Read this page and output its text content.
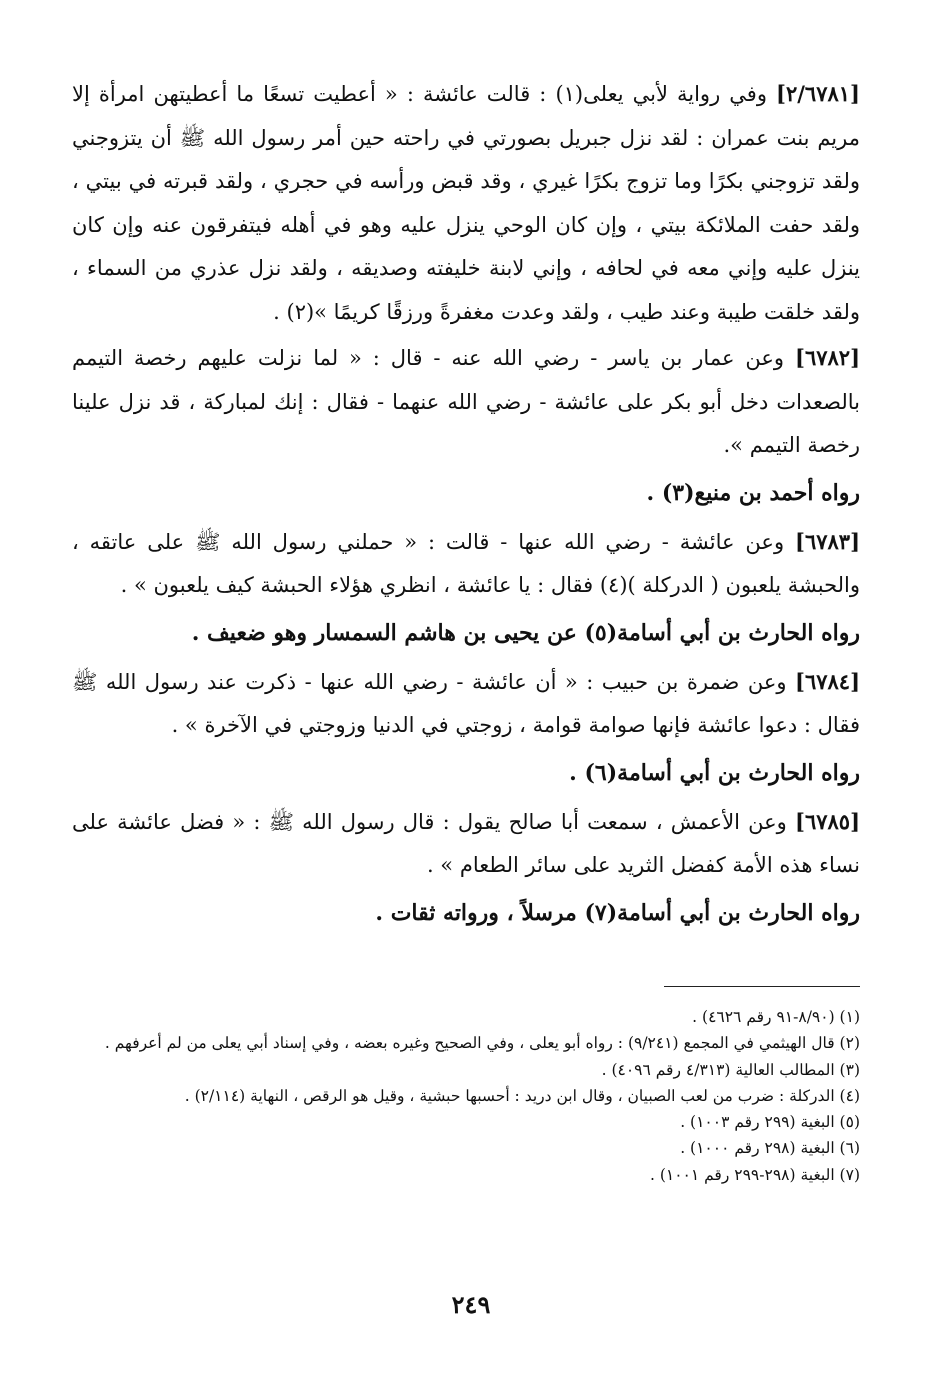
[٢/٦٧٨١] وفي رواية لأبي يعلى(١) : قالت عائشة : « أعطيت تسعًا ما أعطيتهن امرأة إلا مريم بنت عمران : لقد نزل جبريل بصورتي في راحته حين أمر رسول الله ﷺ أن يتزوجني ولقد تزوجني بكرًا وما تزوج بكرًا غيري ، وقد قبض ورأسه في حجري ، ولقد قبرته في بيتي ، ولقد حفت الملائكة بيتي ، وإن كان الوحي ينزل عليه وهو في أهله فيتفرقون عنه وإن كان ينزل عليه وإني معه في لحافه ، وإني لابنة خليفته وصديقه ، ولقد نزل عذري من السماء ، ولقد خلقت طيبة وعند طيب ، ولقد وعدت مغفرةً ورزقًا كريمًا »(٢) .

[٦٧٨٢] وعن عمار بن ياسر - رضي الله عنه - قال : « لما نزلت عليهم رخصة التيمم بالصعدات دخل أبو بكر على عائشة - رضي الله عنهما - فقال : إنك لمباركة ، قد نزل علينا رخصة التيمم ».

رواه أحمد بن منيع(٣) .

[٦٧٨٣] وعن عائشة - رضي الله عنها - قالت : « حملني رسول الله ﷺ على عاتقه ، والحبشة يلعبون ( الدركلة )(٤) فقال : يا عائشة ، انظري هؤلاء الحبشة كيف يلعبون » .

رواه الحارث بن أبي أسامة(٥) عن يحيى بن هاشم السمسار وهو ضعيف .

[٦٧٨٤] وعن ضمرة بن حبيب : « أن عائشة - رضي الله عنها - ذكرت عند رسول الله ﷺ فقال : دعوا عائشة فإنها صوامة قوامة ، زوجتي في الدنيا وزوجتي في الآخرة » .

رواه الحارث بن أبي أسامة(٦) .

[٦٧٨٥] وعن الأعمش ، سمعت أبا صالح يقول : قال رسول الله ﷺ : « فضل عائشة على نساء هذه الأمة كفضل الثريد على سائر الطعام » .

رواه الحارث بن أبي أسامة(٧) مرسلاً ، ورواته ثقات .

(١) (٨/٩٠-٩١ رقم ٤٦٢٦) .

(٢) قال الهيثمي في المجمع (٩/٢٤١) : رواه أبو يعلى ، وفي الصحيح وغيره بعضه ، وفي إسناد أبي يعلى من لم أعرفهم .

(٣) المطالب العالية (٤/٣١٣ رقم ٤٠٩٦) .

(٤) الدركلة : ضرب من لعب الصبيان ، وقال ابن دريد : أحسبها حبشية ، وقيل هو الرقص ، النهاية (٢/١١٤) .

(٥) البغية (٢٩٩ رقم ١٠٠٣) .

(٦) البغية (٢٩٨ رقم ١٠٠٠) .

(٧) البغية (٢٩٨-٢٩٩ رقم ١٠٠١) .

٢٤٩
